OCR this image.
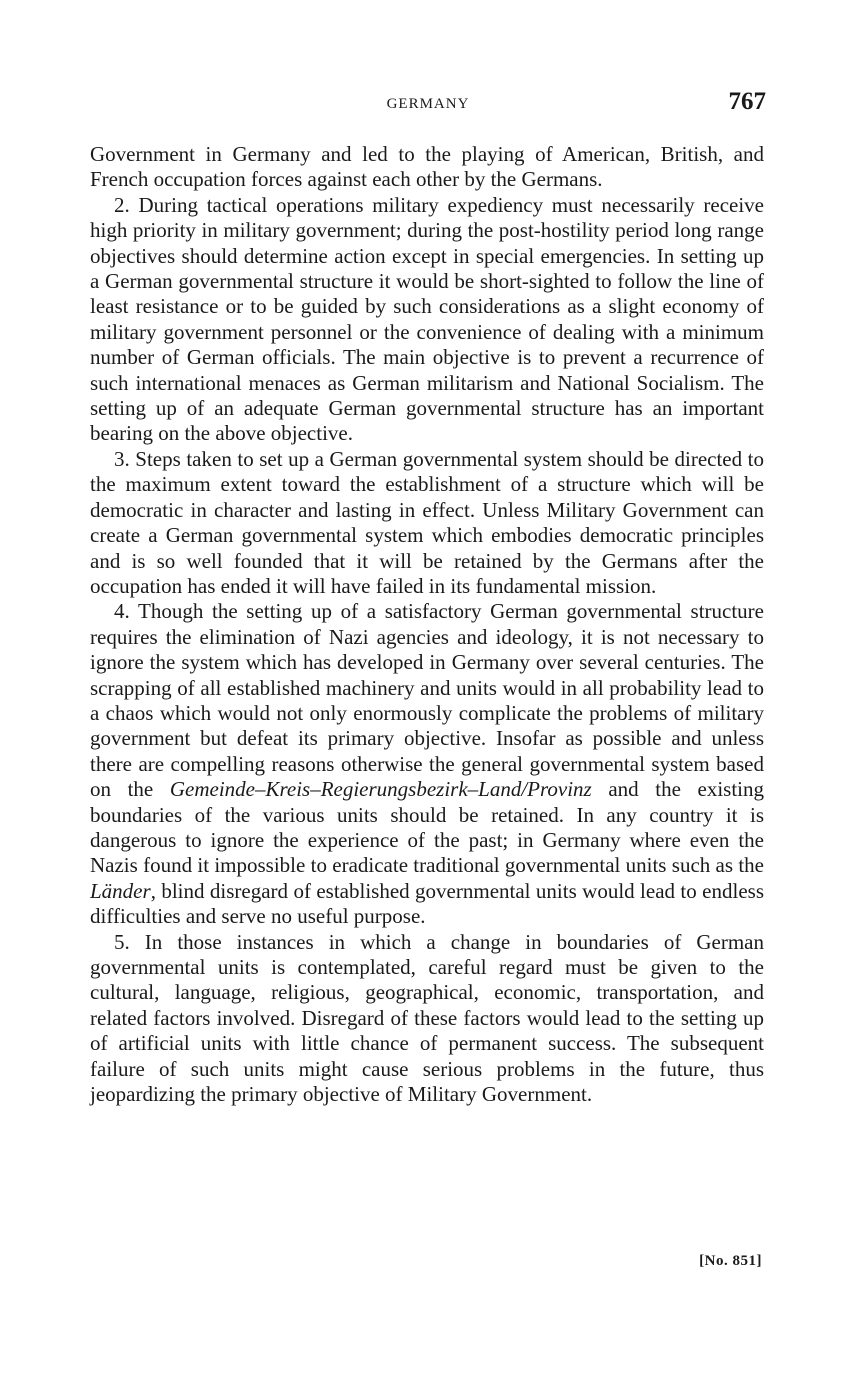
GERMANY	767

Government in Germany and led to the playing of American, British, and French occupation forces against each other by the Germans.

2. During tactical operations military expediency must necessarily receive high priority in military government; during the post-hostility period long range objectives should determine action except in special emergencies. In setting up a German governmental structure it would be short-sighted to follow the line of least resistance or to be guided by such considerations as a slight economy of military government personnel or the convenience of dealing with a minimum number of German officials. The main objective is to prevent a recurrence of such international menaces as German militarism and National Socialism. The setting up of an adequate German governmental structure has an important bearing on the above objective.

3. Steps taken to set up a German governmental system should be directed to the maximum extent toward the establishment of a structure which will be democratic in character and lasting in effect. Unless Military Government can create a German governmental system which embodies democratic principles and is so well founded that it will be retained by the Germans after the occupation has ended it will have failed in its fundamental mission.

4. Though the setting up of a satisfactory German governmental structure requires the elimination of Nazi agencies and ideology, it is not necessary to ignore the system which has developed in Germany over several centuries. The scrapping of all established machinery and units would in all probability lead to a chaos which would not only enormously complicate the problems of military government but defeat its primary objective. Insofar as possible and unless there are compelling reasons otherwise the general governmental system based on the Gemeinde–Kreis–Regierungsbezirk–Land/Provinz and the existing boundaries of the various units should be retained. In any country it is dangerous to ignore the experience of the past; in Germany where even the Nazis found it impossible to eradicate traditional governmental units such as the Länder, blind disregard of established governmental units would lead to endless difficulties and serve no useful purpose.

5. In those instances in which a change in boundaries of German governmental units is contemplated, careful regard must be given to the cultural, language, religious, geographical, economic, transportation, and related factors involved. Disregard of these factors would lead to the setting up of artificial units with little chance of permanent success. The subsequent failure of such units might cause serious problems in the future, thus jeopardizing the primary objective of Military Government.

[No. 851]
